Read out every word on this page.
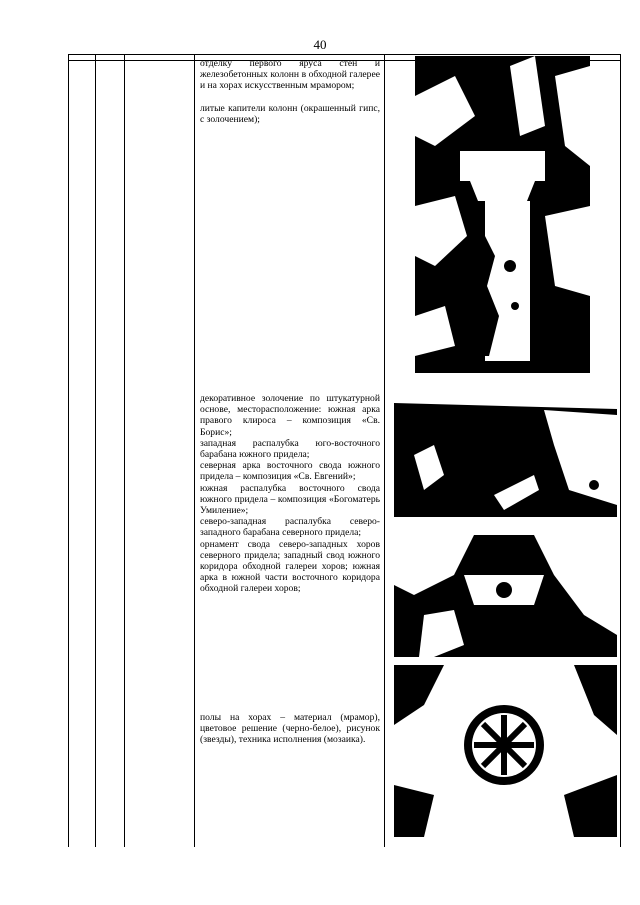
40

отделку первого яруса стен и железобетонных колонн в обходной галерее и на хорах искусственным мрамором;

литые капители колонн (окрашенный гипс, с золочением);

декоративное золочение по штукатурной основе, месторасположение: южная арка правого клироса – композиция «Св. Борис»;

западная распалубка юго-восточного барабана южного придела;

северная арка восточного свода южного придела – композиция «Св. Евгений»;

южная распалубка восточного свода южного придела – композиция «Богоматерь Умиление»;

северо-западная распалубка северо-западного барабана северного придела;

орнамент свода северо-западных хоров северного придела; западный свод южного коридора обходной галереи хоров; южная арка в южной части восточного коридора обходной галереи хоров;

полы на хорах – материал (мрамор), цветовое решение (черно-белое), рисунок (звезды), техника исполнения (мозаика).
